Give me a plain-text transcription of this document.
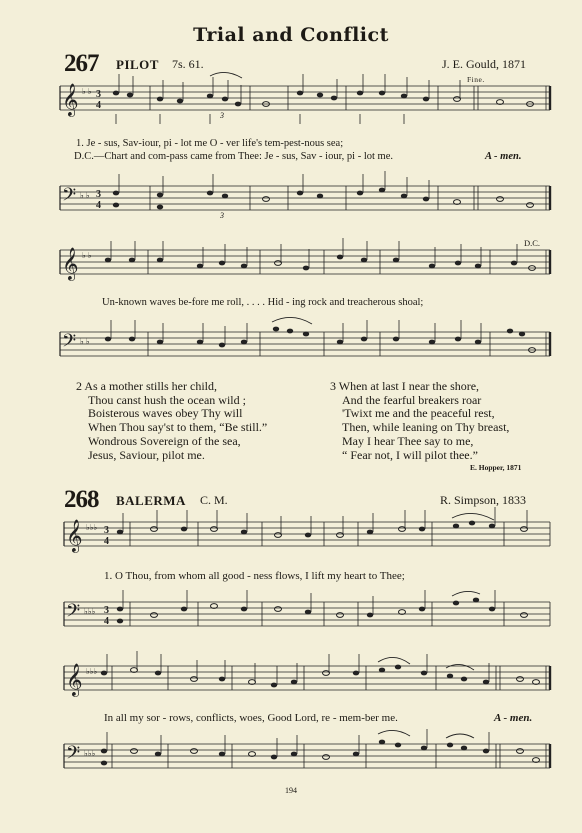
Trial and Conflict
267 PILOT 7s. 61.	J. E. Gould, 1871
Fine.
𝄞 ♭ ♭ 3
4
3
1. Je - sus, Sav-iour, pi - lot me O - ver life's tem-pest-nous sea;
D.C.—Chart and com-pass came from Thee: Je - sus, Sav - iour, pi - lot me.	A - men.
𝄢 ♭ ♭ 3
4
3
𝄞 ♭ ♭
D.C.
Un-known waves be-fore me roll, . . . . Hid - ing rock and treacherous shoal;
𝄢 ♭ ♭
2 As a mother stills her child,
Thou canst hush the ocean wild ;
Boisterous waves obey Thy will
When Thou say'st to them, “Be still.”
Wondrous Sovereign of the sea,
Jesus, Saviour, pilot me.
3 When at last I near the shore,
And the fearful breakers roar
'Twixt me and the peaceful rest,
Then, while leaning on Thy breast,
May I hear Thee say to me,
“ Fear not, I will pilot thee.”
E. Hopper, 1871
268 BALERMA C. M.	R. Simpson, 1833
𝄞 ♭♭♭ 3
4
1. O Thou, from whom all good - ness flows, I lift my heart to Thee;
𝄢 ♭♭♭ 3
4
𝄞 ♭♭♭
In all my sor - rows, conflicts, woes, Good Lord, re - mem-ber me.	A - men.
𝄢 ♭♭♭
194
